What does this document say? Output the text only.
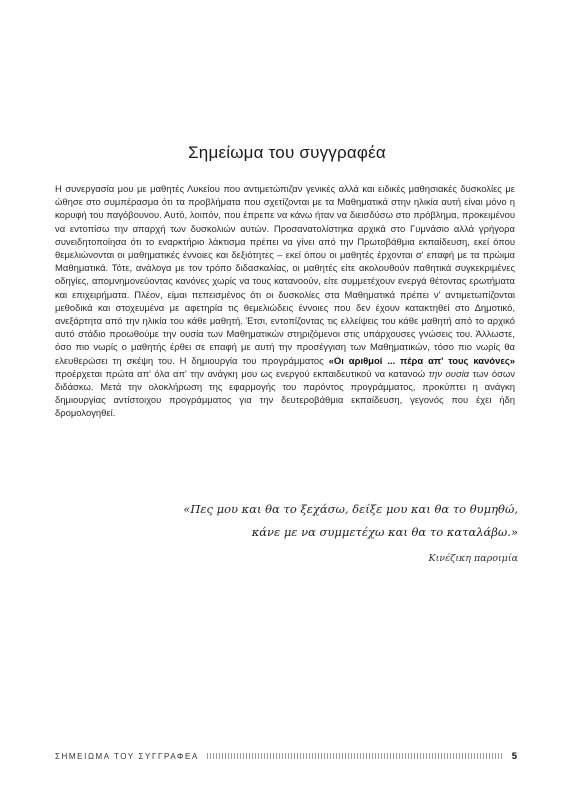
Σημείωμα του συγγραφέα

Η συνεργασία μου με μαθητές Λυκείου που αντιμετώπιζαν γενικές αλλά και ειδικές μαθησιακές δυσκολίες με ώθησε στο συμπέρασμα ότι τα προβλήματα που σχετίζονται με τα Μαθηματικά στην ηλικία αυτή είναι μόνο η κορυφή του παγόβουνου. Αυτό, λοιπόν, που έπρεπε να κάνω ήταν να διεισδύσω στο πρόβλημα, προκειμένου να εντοπίσω την απαρχή των δυσκολιών αυτών. Προσανατολίστηκα αρχικά στο Γυμνάσιο αλλά γρήγορα συνειδητοποίησα ότι το εναρκτήριο λάκτισμα πρέπει να γίνει από την Πρωτοβάθμια εκπαίδευση, εκεί όπου θεμελιώνονται οι μαθηματικές έννοιες και δεξιότητες – εκεί όπου οι μαθητές έρχονται σ' επαφή με τα πρώιμα Μαθηματικά. Τότε, ανάλογα με τον τρόπο διδασκαλίας, οι μαθητές είτε ακολουθούν παθητικά συγκεκριμένες οδηγίες, απομνημονεύοντας κανόνες χωρίς να τους κατανοούν, είτε συμμετέχουν ενεργά θέτοντας ερωτήματα και επιχειρήματα. Πλέον, είμαι πεπεισμένος ότι οι δυσκολίες στα Μαθηματικά πρέπει ν' αντιμετωπίζονται μεθοδικά και στοχευμένα με αφετηρία τις θεμελιώδεις έννοιες που δεν έχουν κατακτηθεί στο Δημοτικό, ανεξάρτητα από την ηλικία του κάθε μαθητή. Έτσι, εντοπίζοντας τις ελλείψεις του κάθε μαθητή από το αρχικό αυτό στάδιο προωθούμε την ουσία των Μαθηματικών στηριζόμενοι στις υπάρχουσες γνώσεις του. Άλλωστε, όσο πιο νωρίς ο μαθητής έρθει σε επαφή με αυτή την προσέγγιση των Μαθηματικών, τόσο πιο νωρίς θα ελευθερώσει τη σκέψη του. Η δημιουργία του προγράμματος «Οι αριθμοί ... πέρα απ' τους κανόνες» προέρχεται πρώτα απ' όλα απ' την ανάγκη μου ως ενεργού εκπαιδευτικού να κατανοώ την ουσία των όσων διδάσκω. Μετά την ολοκλήρωση της εφαρμογής του παρόντος προγράμματος, προκύπτει η ανάγκη δημιουργίας αντίστοιχου προγράμματος για την δευτεροβάθμια εκπαίδευση, γεγονός που έχει ήδη δρομολογηθεί.

«Πες μου και θα το ξεχάσω, δείξε μου και θα το θυμηθώ,
κάνε με να συμμετέχω και θα το καταλάβω.»
Κινέζικη παροιμία
ΣΗΜΕΙΩΜΑ ΤΟΥ ΣΥΓΓΡΑΦΕΑ	5
